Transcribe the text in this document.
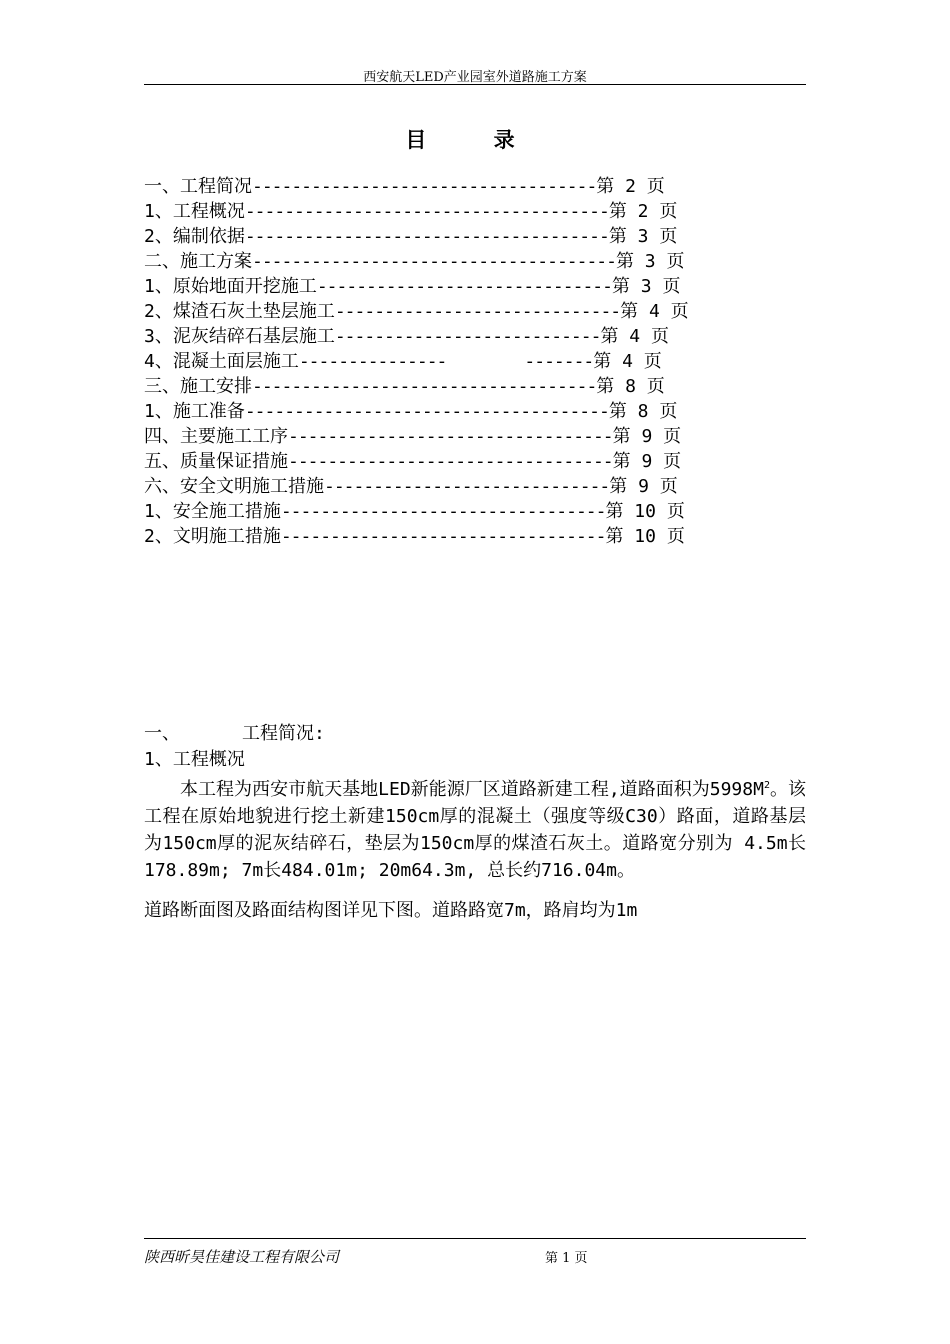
西安航天LED产业园室外道路施工方案
目 录
一、工程简况-----------------------------------第 2 页
1、工程概况-------------------------------------第 2 页
2、编制依据-------------------------------------第 3 页
二、施工方案-------------------------------------第 3 页
1、原始地面开挖施工------------------------------第 3 页
2、煤渣石灰土垫层施工-----------------------------第 4 页
3、泥灰结碎石基层施工---------------------------第 4 页
4、混凝土面层施工---------------	-------第 4 页
三、施工安排-----------------------------------第 8 页
1、施工准备-------------------------------------第 8 页
四、主要施工工序---------------------------------第 9 页
五、质量保证措施---------------------------------第 9 页
六、安全文明施工措施-----------------------------第 9 页
1、安全施工措施---------------------------------第 10 页
2、文明施工措施---------------------------------第 10 页
一、	工程简况:
1、工程概况

本工程为西安市航天基地LED新能源厂区道路新建工程,道路面积为$5998M^2$。该工程在原始地貌进行挖土新建150cm厚的混凝土（强度等级C30）路面，道路基层为150cm厚的泥灰结碎石，垫层为150cm厚的煤渣石灰土。道路宽分别为 4.5m长178.89m; 7m长484.01m; 20m64.3m, 总长约716.04m。

道路断面图及路面结构图详见下图。道路路宽7m，路肩均为1m
陕西昕昊佳建设工程有限公司	第 1 页
